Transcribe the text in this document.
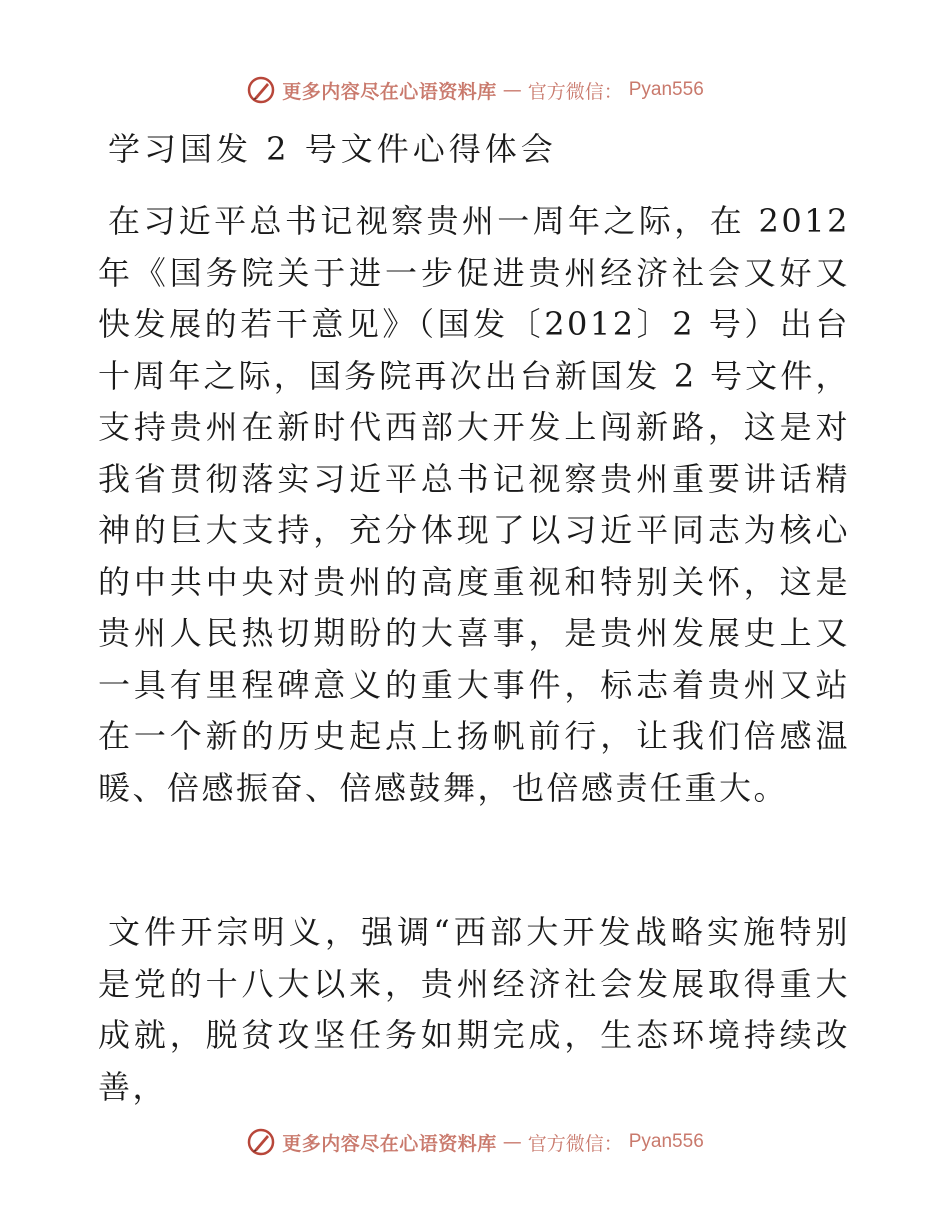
更多内容尽在心语资料库 — 官方微信： Pyan556
学习国发 2 号文件心得体会

在习近平总书记视察贵州一周年之际，在 2012 年《国务院关于进一步促进贵州经济社会又好又快发展的若干意见》（国发〔2012〕2 号）出台十周年之际，国务院再次出台新国发 2 号文件，支持贵州在新时代西部大开发上闯新路，这是对我省贯彻落实习近平总书记视察贵州重要讲话精神的巨大支持，充分体现了以习近平同志为核心的中共中央对贵州的高度重视和特别关怀，这是贵州人民热切期盼的大喜事，是贵州发展史上又一具有里程碑意义的重大事件，标志着贵州又站在一个新的历史起点上扬帆前行，让我们倍感温暖、倍感振奋、倍感鼓舞，也倍感责任重大。

文件开宗明义，强调“西部大开发战略实施特别是党的十八大以来，贵州经济社会发展取得重大成就，脱贫攻坚任务如期完成，生态环境持续改善，

更多内容尽在心语资料库 — 官方微信： Pyan556
